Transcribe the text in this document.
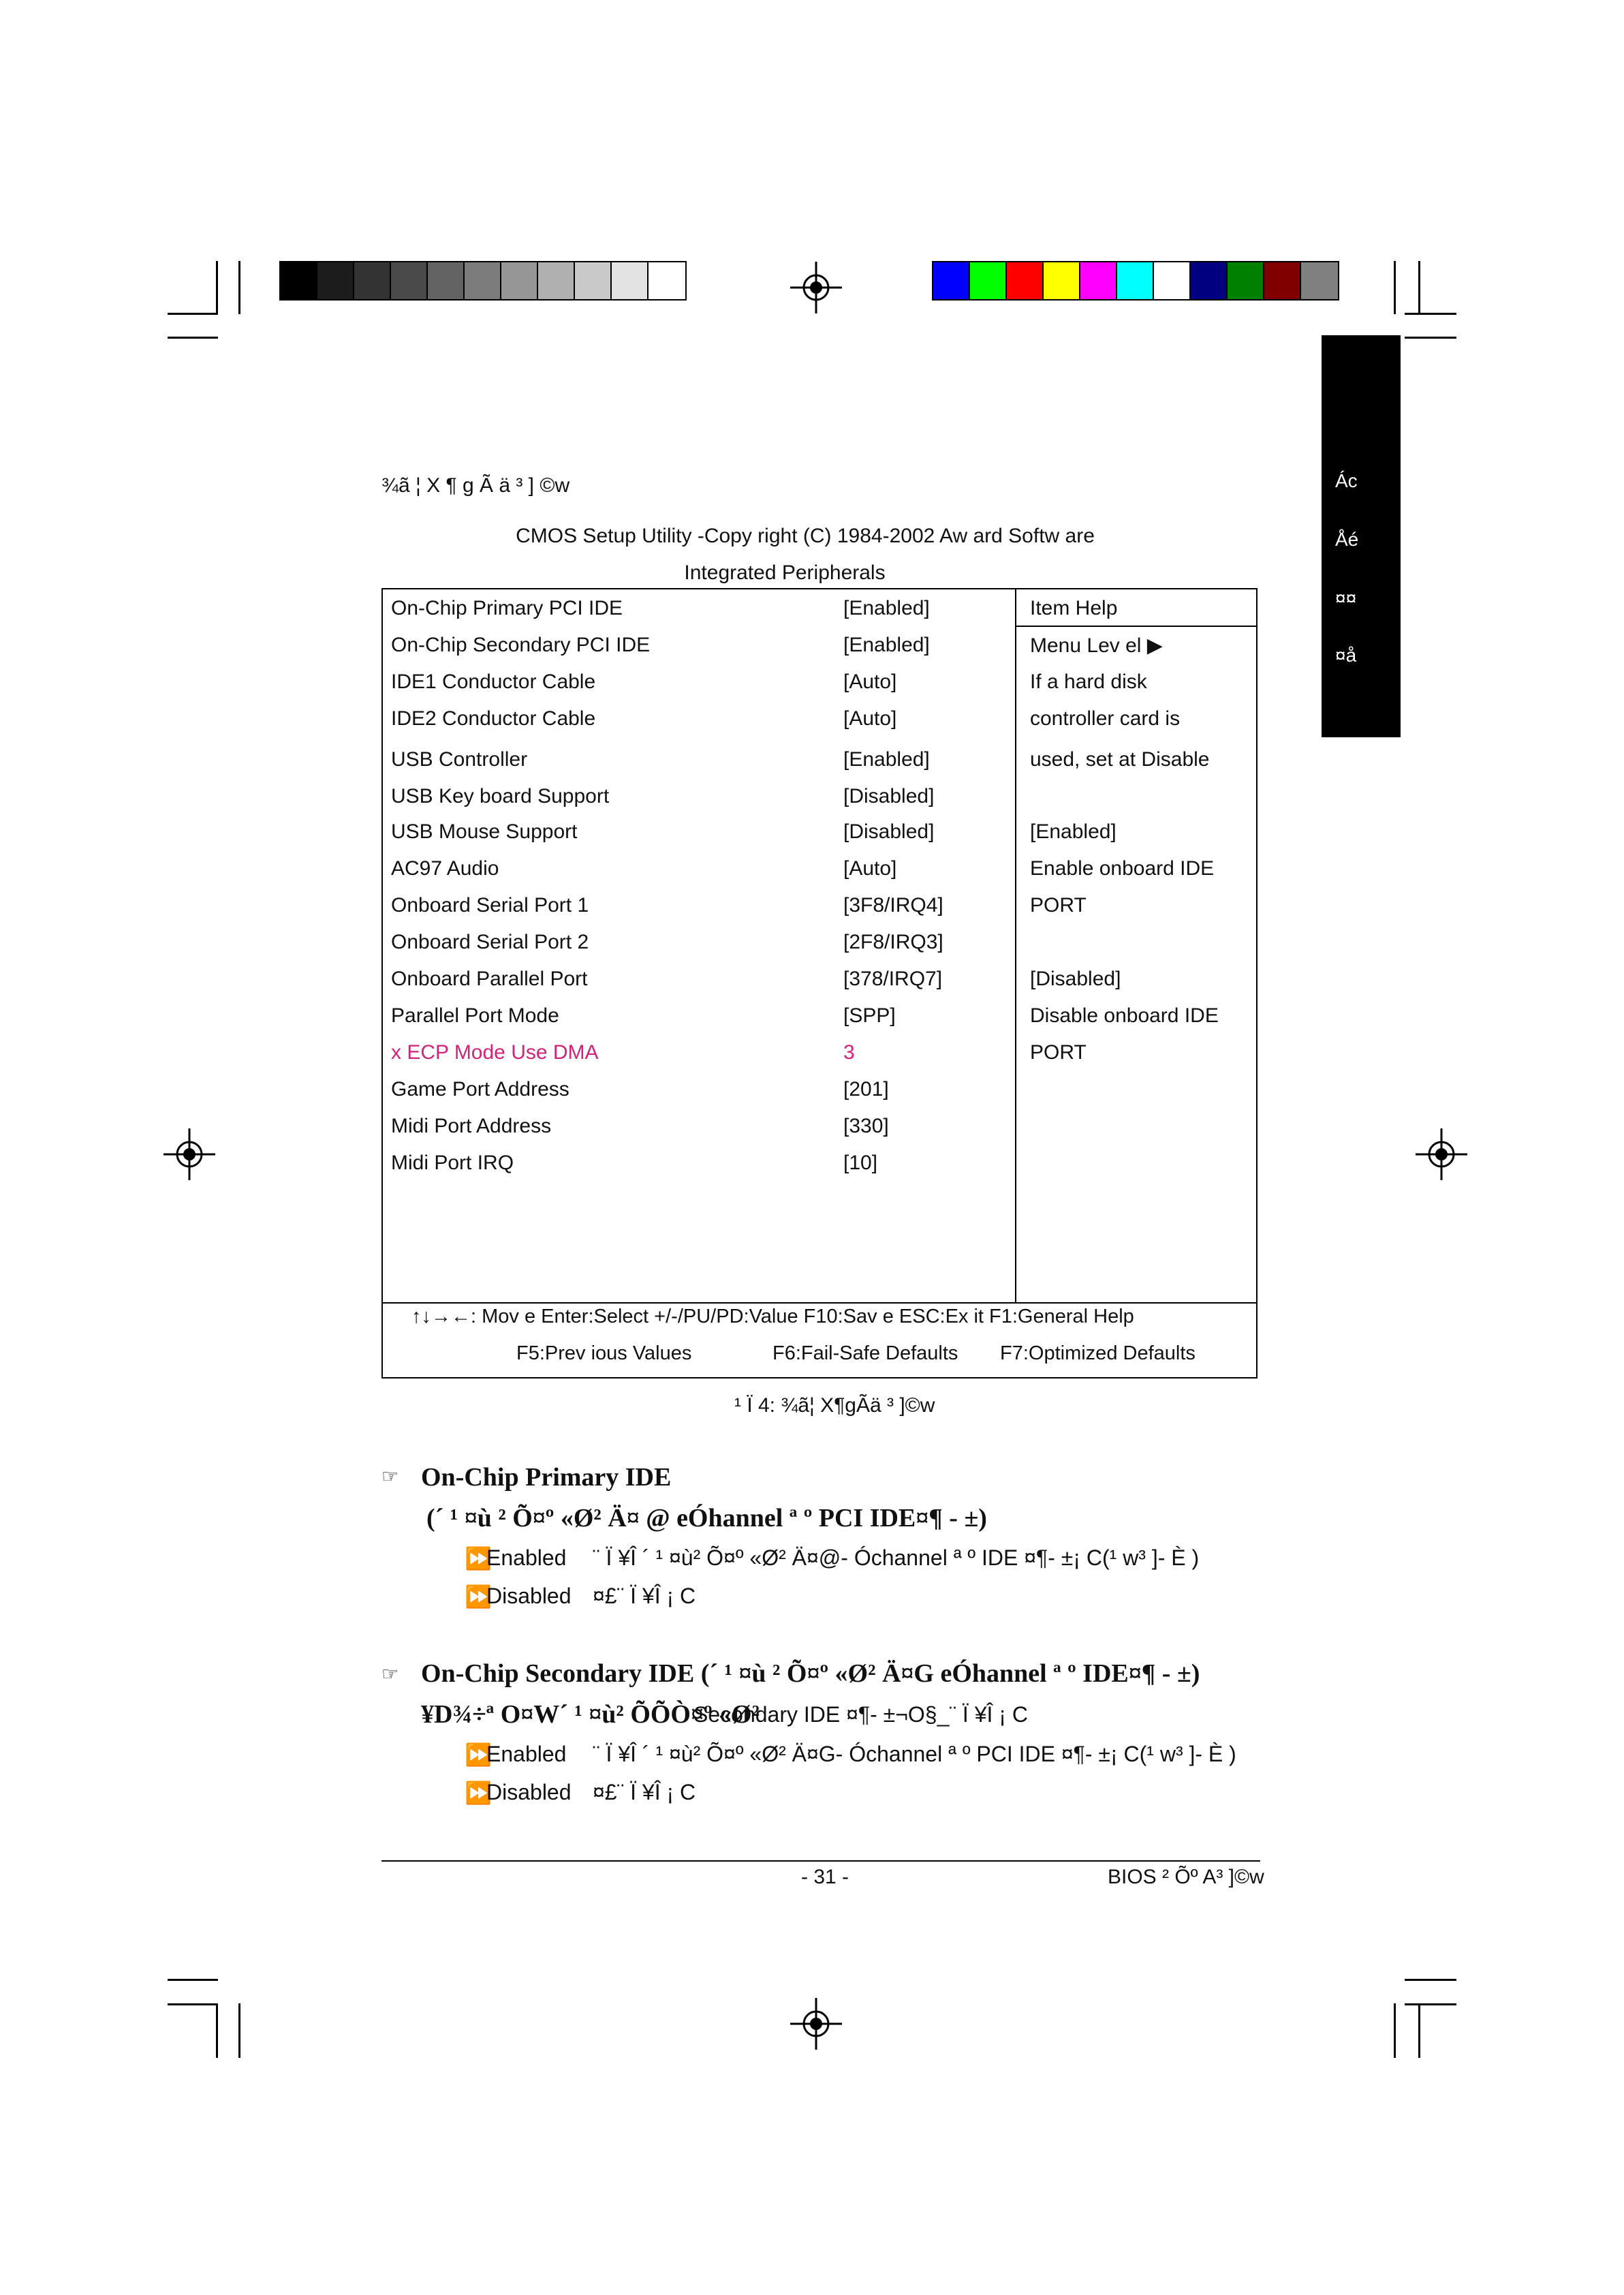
Ác
Åé
¤¤
¤å
¾ã ¦ X ¶ g Ã ä ³ ] ©w
CMOS Setup Utility -Copy right (C) 1984-2002 Aw ard Softw are
Integrated Peripherals
On-Chip Primary PCI IDE	[Enabled]
On-Chip Secondary PCI IDE	[Enabled]
IDE1 Conductor Cable	[Auto]
IDE2 Conductor Cable	[Auto]
USB Controller	[Enabled]
USB Key board Support	[Disabled]
USB Mouse Support	[Disabled]
AC97 Audio	[Auto]
Onboard Serial Port 1	[3F8/IRQ4]
Onboard Serial Port 2	[2F8/IRQ3]
Onboard Parallel Port	[378/IRQ7]
Parallel Port Mode	[SPP]
x ECP Mode Use DMA	3
Game Port Address	[201]
Midi Port Address	[330]
Midi Port IRQ	[10]
Menu Lev el ▶
If a hard disk
controller card is
used, set at Disable
[Enabled]
Enable onboard IDE
PORT
[Disabled]
Disable onboard IDE
PORT
Item Help
↑↓→←: Mov e Enter:Select +/-/PU/PD:Value F10:Sav e ESC:Ex it F1:General Help
F5:Prev ious Values	F6:Fail-Safe Defaults F7:Optimized Defaults
¹ Ï 4: ¾ã¦ X¶gÃä ³ ]©w
☞ On-Chip Primary IDE
(´ ¹ ¤ù ² Õ¤º «Ø² Ä¤ @ eÓhannel ª º PCI IDE¤¶ - ±)
⏩
Enabled ¨ Ï ¥Î ´ ¹ ¤ù² Õ¤º «Ø² Ä¤@- Óchannel ª º IDE ¤¶- ±¡ C(¹ w³ ]- È )
⏩
Disabled ¤£¨ Ï ¥Î ¡ C
☞ On-Chip Secondary IDE (´ ¹ ¤ù ² Õ¤º «Ø² Ä¤G eÓhannel ª º IDE¤¶ - ±)
¥D¾÷ª O¤W´ ¹ ¤ù² ÕÕÒ¤º «Ø²
Secondary IDE ¤¶- ±¬O§_¨ Ï ¥Î ¡ C
⏩
Enabled ¨ Ï ¥Î ´ ¹ ¤ù² Õ¤º «Ø² Ä¤G- Óchannel ª º PCI IDE ¤¶- ±¡ C(¹ w³ ]- È )
⏩
Disabled ¤£¨ Ï ¥Î ¡ C
- 31 -	BIOS ² Õº A³ ]©w
